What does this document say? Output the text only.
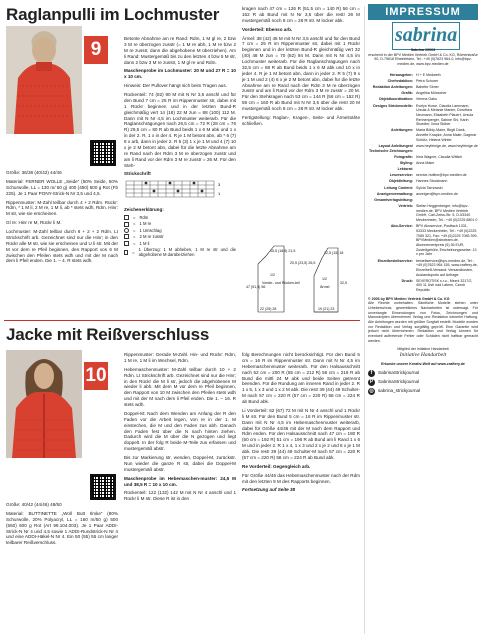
Raglanpulli im Lochmuster
9

Größe: 36/38 (40/42) 44/46

Material: FERNER WOLLE „Seide“ (50% Seide, 50% Schurwolle, LL = 130 m/ 50 g) 400 (450) 500 g Rot (Fb 225). Je 1 Paar PONY-Strick-N Nr 3,5 und 4,5.

Rippenmuster: M-Zahl teilbar durch 4 + 2 Rdm. Rückr: Rdm, * 1 M li, 2 M re, 1 M li, ab * stets wdh, Rdm. Hinr: M str, wie sie erscheinen.

Gl re: Hinr re M, Rückr li M.

Lochmuster: M-Zahl teilbar durch 6 + 2 + 2 Rdm. Lt Strickschrift arb. Gezeichnet sind nur die Hinr; in den Rückr alle M str, wie sie erscheinen und U li str. Mit der M vor dem re Pfeil beginnen, den Rapport von 6 M zwischen den Pfeilen stets wdh und mit der M nach dem li Pfeil enden. Die 1. – 4. R stets wdh.

Betonte Abnahme am re Rand: Rdm, 1 M gl re, 2 bzw 3 M re überzogen zusstr (= 1 M re abh, 1 M re bzw 2 M re zusstr, dann die abgehobene M überziehen). Am li Rand: Mustergemäß bis zu den letzten 4 bzw 5 M str, dann 2 bzw 3 M re zusstr, 1 M gl re und Rdm.

Maschenprobe im Lochmuster: 20 M und 27 R = 10 x 10 cm.

Hinweis: Der Pullover hängt sich beim Tragen aus.

Rückenteil: 74 (82) 90 M mit N Nr 3,5 anschl und für den Bund 7 cm = 25 R im Rippenmuster str, dabei mit 1 Rückr beginnen und in der letzten Bund-R gleichmäßig vert 14 (18) 22 M zun = 88 (100) 112 M. Dann mit N Nr 4,5 im Lochmuster weiterarb. Für die Raglanschrägungen nach 26,5 cm = 72 R (28 cm = 76 R) 29,5 cm = 80 R ab Bund beids 1 x 6 M abk und 1 x in der 2. R, 1 x in der 4. R je 1 M betont abn, ab * 6 (7) 8 x arb, dann in jeder 2. R 5 (3) 1 x je 1 M und 4 (7) 10 x je 2 M betont abn, dabei für die letzte Abnahme am re Rand nach der Rdm 3 M re überzogen zusstr und am li Rand vor der Rdm 3 M re zusstr = 26 M. Für den Steh-

Strickschrift
3
1
Zeichenerklärung:
= Rdm
= 1 M re
= 1 Umschlag
= 2 M re zusstr
= 1 M li
=
1 Überzug: 1 M abheben, 1 M re str und die abgehobene M darüberziehen

kragen nach 47 cm = 126 R (51,5 cm = 140 R) 56 cm = 152 R ab Bund mit N Nr 3,5 über die rest! 26 M mustergemäß noch 8 cm = 28 R str. M locker abk.

Vorderteil: Ebenso arb.

Ärmel: 38 (42) 46 M mit N Nr 3,5 anschl und für den Bund 7 cm = 25 R im Rippenmuster str, dabei mit 1 Rückr beginnen und in der letzten Bund-R gleichmäßig vert 32 (40) 48 M zun = 70 (82) 94 M. Dann mit N Nr 4,5 im Lochmuster weiterarb. Für die Raglanschrägungen nach 32,5 cm = 88 R ab Bund beids 1 x 6 M abk und 10 x in jeder 4. R je 1 M betont abn, dann in jeder 2. R 5 (7) 9 x je 1 M und 2 (4) 6 x je 2 M betont abn, dabei für die letzte Abnahme am re Rand nach der Rdm 3 M re überzogen zusstr und am li Rand vor der Rdm 3 M re zusstr = 20 M. Für den Stehkragen nach 53 cm = 144 R (56 cm = 152 R) 59 cm = 160 R ab Bund mit N Nr 3,5 über die rest! 20 M mustergemäß noch 8 cm = 28 R str. M locker abk.

Fertigstellung: Raglan-, Kragen-, Seite- und Ärmelnähte schließen.

Vorder- und Rücken-teil
1/2
Ärmel
1/2
47 (51,5) 56
22 (25) 28
15,5 (18,5) 21,5
20,5 (23,5) 26,5
12,5 (15) 18
32,5
19 (21) 23
Jacke mit Reißverschluss
10

Größe: 40/42 (44/46) 48/50

Material: BUTTINETTE „Woll Butt Ilmke“ (80% Schurwolle, 20% Polyacryl, LL = 160 m/50 g) 500 (550) 600 g Rot (Art 99.104.003). Je 1 Paar ADDI-Strick-N Nr 4 und 4,5 sowie 1 ADDI-Rundstrick-N Nr 4 und eine ADDI-Häkel-N Nr 4. Ein 50 (55) 55 cm langer teilbarer Reißverschluss.

Rippenmuster: Gerade M-Zahl. Hin- und Rückr: Rdm, 1 M re, 1 M li im Wechsel, Rdm.

Hebemaschenmuster: M-Zahl teilbar durch 10 + 2 Rdm. Lt Strickschrift arb. Gezeichnet sind nur die Hinr; in den Rückr die M li str, jedoch die abgehobenen M wieder li abh. Mit dem M vor dem re Pfeil beginnen, den Rapport von 10 M zwischen den Pfeilen stets wdh und mit der M nach dem li Pfeil enden. Die 1. – 16. R stets wdh.

Doppel-M: Nach dem Wenden am Anfang der R den Faden vor die Arbeit legen, von re in der 1. M einstechen, die M und den Faden zus abh. Danach den Faden fest über die N nach hinten ziehen. Dadurch wird die M über die N gezogen und liegt doppelt. In der folg R beide M-Teile zus erfassen und mustergemäß abstr.

Bis zur Markierung str, wenden, Doppel-M, zurückstr. Nun wieder die ganze R str, dabei die Doppel-M mustergemäß abstr.

Maschenprobe im Hebemaschen-muster: 24,5 M und 38,5 R = 10 x 10 cm.

Rückenteil: 122 (132) 142 M mit N Nr 4 anschl und 1 Rückr li M str. Diese R ist in den

folg Berechnungen nicht berücksichtigt. Für den Bund 5 cm = 16 R im Rippenmuster str. Dann mit N Nr 4,5 im Hebemaschenmuster weiterarb. Für den Halsausschnitt nach 52 cm = 200 R (55 cm = 212 R) 56 cm = 216 R ab Bund die mittl 24 M abk und beide Seiten getrennt beenden. Für die Rundung am inneren Rand in jeder 2. R 1 x 5, 1 x 3 und 1 x 2 M abk. Die rest! 39 (44) 49 Schulter-M nach 57 cm = 220 R (57 cm = 220 R) 58 cm = 224 R ab Bund abk.

Li Vorderteil: 62 (67) 72 M mit N Nr 4 anschl und 1 Rückr li M str. Für den Bund 5 cm = 16 R im Rippenmuster str. Dann mit N Nr 4,5 im Hebemaschenmuster weiterarb, dabei für Größe 44/46 mit der M nach dem Rapport und Rdm enden. Für den Halsausschnitt nach 47 cm = 180 R (50 cm = 192 R) 51 cm = 196 R ab Bund am li Rand 1 x 6 M und in jeder 2. R 1 x 4, 1 x 3 und 2 x je 2 und 6 x je 1 M abk. Die rest! 39 (44) 49 Schulter-M nach 57 cm = 220 R (57 cm = 220 R) 58 cm = 224 R ab Bund abk.

Re Vorderteil: Gegengleich arb.

Für Größe 44/46 das Hebemaschenmuster nach der Rdm mit den letzten 9 M des Rapports beginnen.

Fortsetzung auf Seite 38

IMPRESSUM
sabrina
Sabrina 29003
erscheint in der BPV Medien Vertrieb GmbH & Co. KG, Römerstraße 90, D-79618 Rheinfelden, Tel.: +49 (0)7623 964-0, info@bpv-medien.de, www.bpv-medien.de
Herausgeber: H + E Medweth
Chefredaktion: Petra Schurer
Redaktion Anleitungen: Babette Simer
Grafik: Angelika Münscher
Objektkoordination: Verena Gako
Designs Strickmodelle: Evelyn Howe, Claudia Laermann, Ursula & Melanie Manier, Dorothea Neumann, Elisabeth Plauert, Ursula Rennenperger, Sabine Shi, Karin Stoedler, Ilona Stöber
Anleitungen: Maria Böhly-Maier, Birgit Dank, Annette Knapke, Anna Maier, Dagmar Schütz, Helena Winter
Layout Anleitungen/ Technische Zeichnungen:
www.heyfeinige.de, www.heyfeinige.de
Fotografie: Irina Wagner, Claudia Wittich
Styling: Anna Maier
Lektorat:
Leserservice: service-hotline@bpv-medien.de
Objektleitung: Hannes Stockmann
Leitung Content: Sylvia Tarnowski
Anzeigenverwaltung: anzeigen@bpv-medien.de
Gesamtverlagsleitung:
Vertrieb: Stefan Heggenberger, info@bpv-medien.de, BPV Medien Vertrieb GmbH, Carl-Zeiss-Str. 5, D-53340 Meckenheim, Tel.: +49 (0)2225 8801 0
Abo-Service: BPV Aboservice, Postfach 1331, 53333 Meckenheim, Tel.: +49 (0)2225 7085 321, Fax: +49 (0)2225 7085 399, BPVMedien@aboteam.de, Abonnementpreis (6) 36 EUR, Zustellgebühr, Erscheinungsweise: 13 x pro Jahr
Einzelbestellservice: bestellservice@bpv-medien.de, Tel.: +49 (0)7623 964 155, www.craftery.de, Einzelheft-Versand: Versandkosten, Auslandsporto auf Anfrage.
Druck: SEVEROTISK s.r.o., Mezni 3217/2, 400 11 Ústí nad Labem, Czech Republic
© 2006 by BPV Medien Vertrieb GmbH & Co. KG
Alle Rechte vorbehalten. Sämtliche Modelle stehen unter Urheberschutz, gewerbliches Nacharbeiten ist untersagt. Für unverlangte Einsendungen von Fotos, Zeichnungen und Manuskripten übernehmen Verlag und Redaktion keinerlei Haftung. Alle Anleitungen wurden mit größter Sorgfalt erstellt. Modelle wurden vor Redaktion und Verlag sorgfältig geprüft. Eine Garantie wird jedoch nicht übernommen. Redaktion und Verlag können für eventuell auftretende Fehler oder Schäden nicht haftbar gemacht werden.
Mitglied der Initiative Handarbeit
Initiative Handarbeit
Erkunde unsere Kreativ-Welt auf www.craftery.de
f	SabrinaStrickjournal
P	SabrinaStrickjournal
◎ sabrina_strickjournal
